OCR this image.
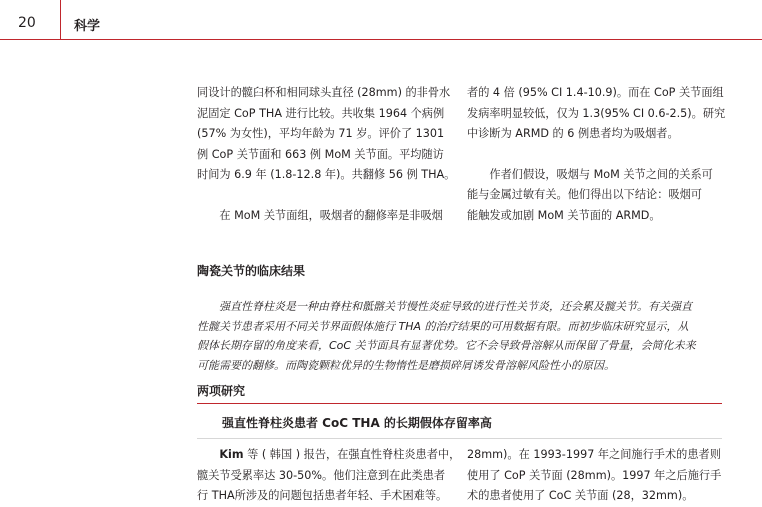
20	科学

同设计的髋臼杯和相同球头直径 (28mm) 的非骨水

泥固定 CoP THA 进行比较。共收集 1964 个病例

(57% 为女性)，平均年龄为 71 岁。评价了 1301

例 CoP 关节面和 663 例 MoM 关节面。平均随访

时间为 6.9 年 (1.8-12.8 年)。共翻修 56 例 THA。

在 MoM 关节面组，吸烟者的翻修率是非吸烟

者的 4 倍 (95% CI 1.4-10.9)。而在 CoP 关节面组

发病率明显较低，仅为 1.3(95% CI 0.6-2.5)。研究

中诊断为 ARMD 的 6 例患者均为吸烟者。

作者们假设，吸烟与 MoM 关节之间的关系可

能与金属过敏有关。他们得出以下结论：吸烟可

能触发或加剧 MoM 关节面的 ARMD。

陶瓷关节的临床结果

强直性脊柱炎是一种由脊柱和骶髂关节慢性炎症导致的进行性关节炎，还会累及髋关节。有关强直

性髋关节患者采用不同关节界面假体施行 THA 的治疗结果的可用数据有限。而初步临床研究显示，从

假体长期存留的角度来看，CoC 关节面具有显著优势。它不会导致骨溶解从而保留了骨量，会简化未来

可能需要的翻修。而陶瓷颗粒优异的生物惰性是磨损碎屑诱发骨溶解风险性小的原因。

两项研究
强直性脊柱炎患者 CoC THA 的长期假体存留率高

Kim 等 ( 韩国 ) 报告，在强直性脊柱炎患者中，

髋关节受累率达 30-50%。他们注意到在此类患者

行 THA所涉及的问题包括患者年轻、手术困难等。

28mm)。在 1993-1997 年之间施行手术的患者则

使用了 CoP 关节面 (28mm)。1997 年之后施行手

术的患者使用了 CoC 关节面 (28，32mm)。
